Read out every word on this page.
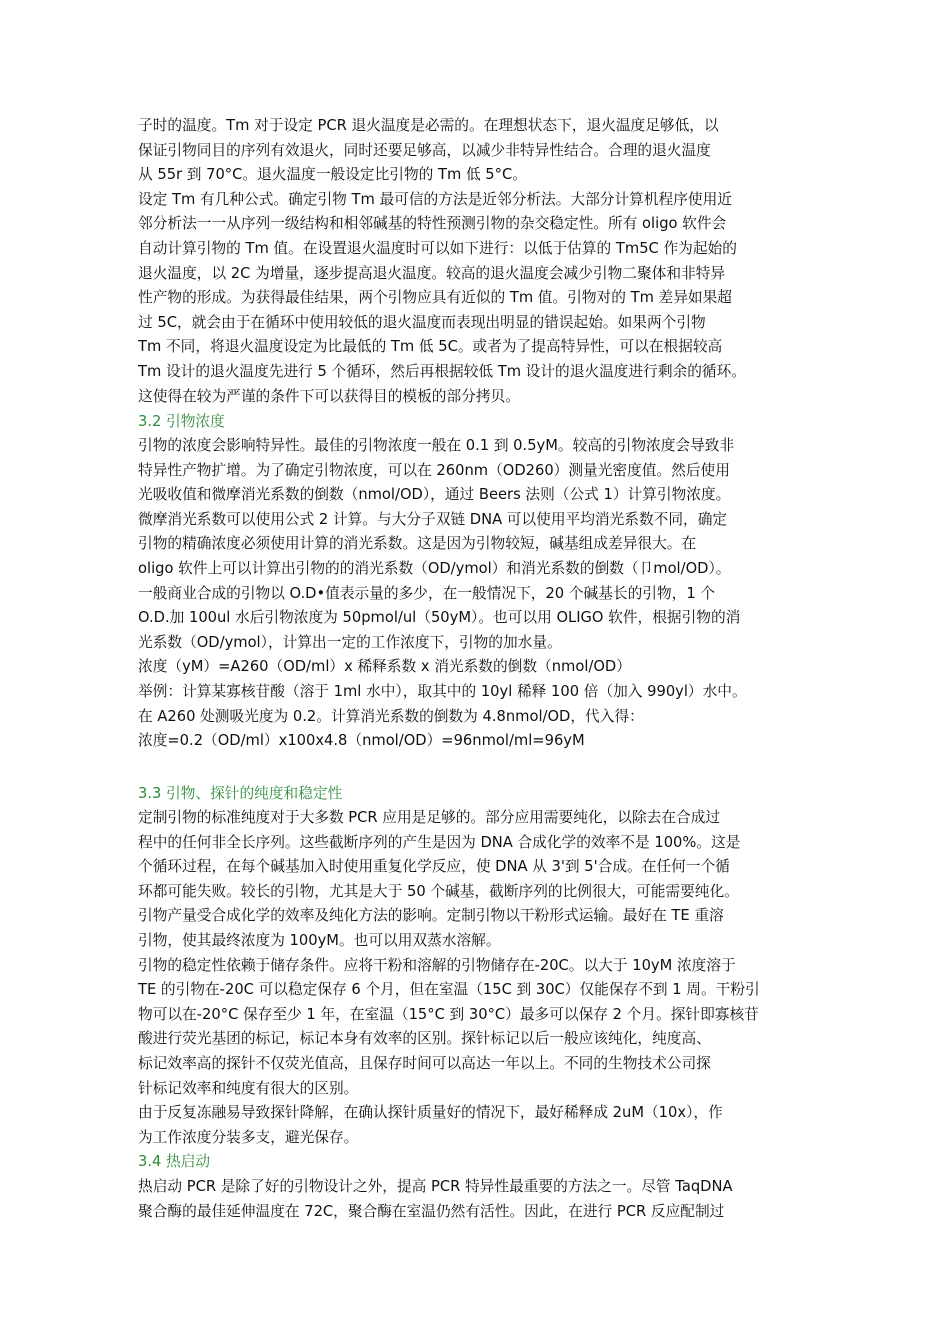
子时的温度。Tm 对于设定 PCR 退火温度是必需的。在理想状态下，退火温度足够低，以
保证引物同目的序列有效退火，同时还要足够高，以减少非特异性结合。合理的退火温度
从 55r 到 70°C。退火温度一般设定比引物的 Tm 低 5°C。
设定 Tm 有几种公式。确定引物 Tm 最可信的方法是近邻分析法。大部分计算机程序使用近
邻分析法一一从序列一级结构和相邻碱基的特性预测引物的杂交稳定性。所有 oligo 软件会
自动计算引物的 Tm 值。在设置退火温度时可以如下进行：以低于估算的 Tm5C 作为起始的
退火温度，以 2C 为增量，逐步提高退火温度。较高的退火温度会减少引物二聚体和非特异
性产物的形成。为获得最佳结果，两个引物应具有近似的 Tm 值。引物对的 Tm 差异如果超
过 5C，就会由于在循环中使用较低的退火温度而表现出明显的错误起始。如果两个引物
Tm 不同，将退火温度设定为比最低的 Tm 低 5C。或者为了提高特异性，可以在根据较高
Tm 设计的退火温度先进行 5 个循环，然后再根据较低 Tm 设计的退火温度进行剩余的循环。
这使得在较为严谨的条件下可以获得目的模板的部分拷贝。
3.2 引物浓度
引物的浓度会影响特异性。最佳的引物浓度一般在 0.1 到 0.5yM。较高的引物浓度会导致非
特异性产物扩增。为了确定引物浓度，可以在 260nm（OD260）测量光密度值。然后使用
光吸收值和微摩消光系数的倒数（nmol/OD），通过 Beers 法则（公式 1）计算引物浓度。
微摩消光系数可以使用公式 2 计算。与大分子双链 DNA 可以使用平均消光系数不同，确定
引物的精确浓度必须使用计算的消光系数。这是因为引物较短，碱基组成差异很大。在
oligo 软件上可以计算出引物的的消光系数（OD/ymol）和消光系数的倒数（卩mol/OD）。
一般商业合成的引物以 O.D•值表示量的多少，在一般情况下，20 个碱基长的引物，1 个
O.D.加 100ul 水后引物浓度为 50pmol/ul（50yM）。也可以用 OLIGO 软件，根据引物的消
光系数（OD/ymol），计算出一定的工作浓度下，引物的加水量。
浓度（yM）=A260（OD/ml）x 稀释系数 x 消光系数的倒数（nmol/OD）
举例：计算某寡核苷酸（溶于 1ml 水中），取其中的 10yl 稀释 100 倍（加入 990yl）水中。
在 A260 处测吸光度为 0.2。计算消光系数的倒数为 4.8nmol/OD，代入得：
浓度=0.2（OD/ml）x100x4.8（nmol/OD）=96nmol/ml=96yM
3.3 引物、探针的纯度和稳定性
定制引物的标准纯度对于大多数 PCR 应用是足够的。部分应用需要纯化，以除去在合成过
程中的任何非全长序列。这些截断序列的产生是因为 DNA 合成化学的效率不是 100%。这是
个循环过程，在每个碱基加入时使用重复化学反应，使 DNA 从 3'到 5'合成。在任何一个循
环都可能失败。较长的引物，尤其是大于 50 个碱基，截断序列的比例很大，可能需要纯化。
引物产量受合成化学的效率及纯化方法的影响。定制引物以干粉形式运输。最好在 TE 重溶
引物，使其最终浓度为 100yM。也可以用双蒸水溶解。
引物的稳定性依赖于储存条件。应将干粉和溶解的引物储存在-20C。以大于 10yM 浓度溶于
TE 的引物在-20C 可以稳定保存 6 个月，但在室温（15C 到 30C）仅能保存不到 1 周。干粉引
物可以在-20°C 保存至少 1 年，在室温（15°C 到 30°C）最多可以保存 2 个月。探针即寡核苷
酸进行荧光基团的标记，标记本身有效率的区别。探针标记以后一般应该纯化，纯度高、
标记效率高的探针不仅荧光值高，且保存时间可以高达一年以上。不同的生物技术公司探
针标记效率和纯度有很大的区别。
由于反复冻融易导致探针降解，在确认探针质量好的情况下，最好稀释成 2uM（10x），作
为工作浓度分装多支，避光保存。
3.4 热启动
热启动 PCR 是除了好的引物设计之外，提高 PCR 特异性最重要的方法之一。尽管 TaqDNA
聚合酶的最佳延伸温度在 72C，聚合酶在室温仍然有活性。因此，在进行 PCR 反应配制过
